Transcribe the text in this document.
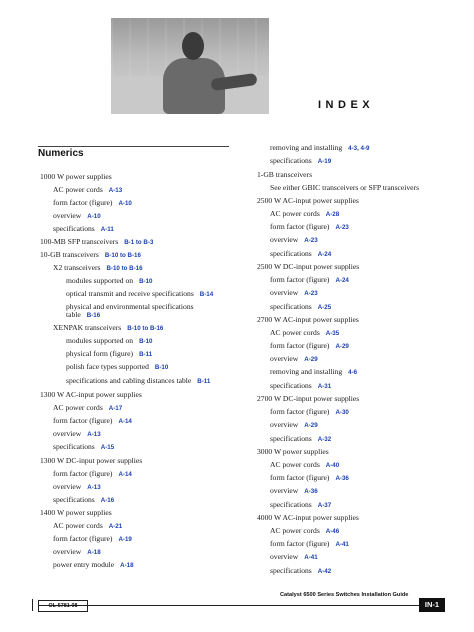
INDEX
Numerics
1000 W power supplies
AC power cords A-13
form factor (figure) A-10
overview A-10
specifications A-11
100-MB SFP transceivers B-1 to B-3
10-GB transceivers B-10 to B-16
X2 transceivers B-10 to B-16
modules supported on B-10
optical transmit and receive specifications B-14
physical and environmental specifications
table B-16
XENPAK transceivers B-10 to B-16
modules supported on B-10
physical form (figure) B-11
polish face types supported B-10
specifications and cabling distances table B-11
1300 W AC-input power supplies
AC power cords A-17
form factor (figure) A-14
overview A-13
specifications A-15
1300 W DC-input power supplies
form factor (figure) A-14
overview A-13
specifications A-16
1400 W power supplies
AC power cords A-21
form factor (figure) A-19
overview A-18
power entry module A-18
removing and installing 4-3, 4-9
specifications A-19
1-GB transceivers
See either GBIC transceivers or SFP transceivers
2500 W AC-input power supplies
AC power cords A-28
form factor (figure) A-23
overview A-23
specifications A-24
2500 W DC-input power supplies
form factor (figure) A-24
overview A-23
specifications A-25
2700 W AC-input power supplies
AC power cords A-35
form factor (figure) A-29
overview A-29
removing and installing 4-6
specifications A-31
2700 W DC-input power supplies
form factor (figure) A-30
overview A-29
specifications A-32
3000 W power supplies
AC power cords A-40
form factor (figure) A-36
overview A-36
specifications A-37
4000 W AC-input power supplies
AC power cords A-46
form factor (figure) A-41
overview A-41
specifications A-42
Catalyst 6500 Series Switches Installation Guide
OL-5781-08	IN-1
